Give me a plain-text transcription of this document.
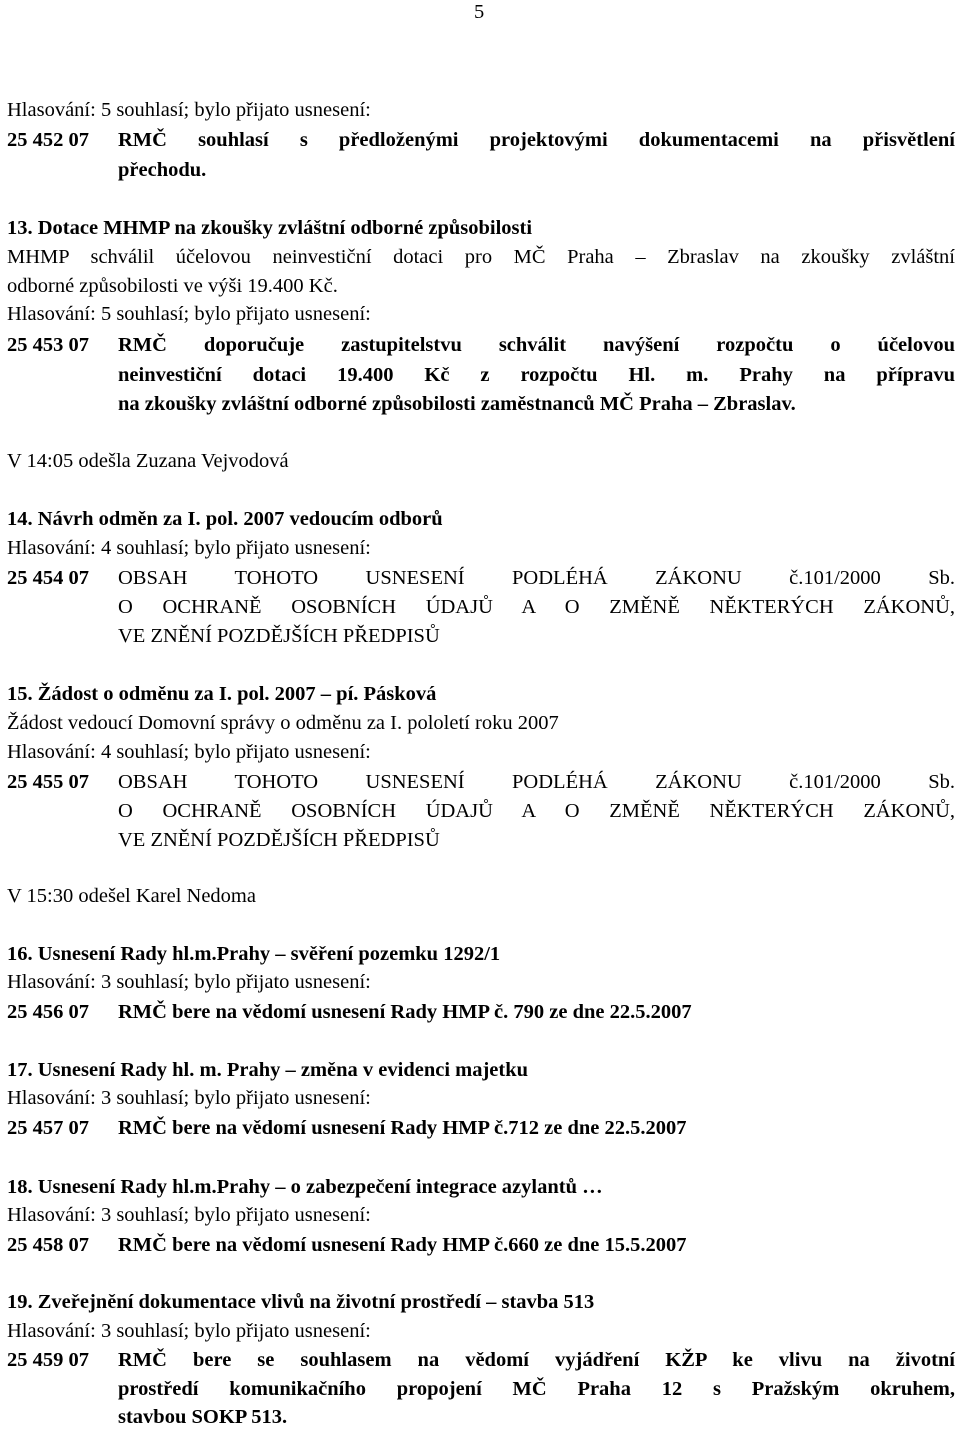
5
Hlasování: 5 souhlasí; bylo přijato usnesení:
25 452 07 RMČ souhlasí s předloženými projektovými dokumentacemi na přisvětlení
přechodu.
13. Dotace MHMP na zkoušky zvláštní odborné způsobilosti
MHMP schválil účelovou neinvestiční dotaci pro MČ Praha – Zbraslav na zkoušky zvláštní
odborné způsobilosti ve výši 19.400 Kč.
Hlasování: 5 souhlasí; bylo přijato usnesení:
25 453 07 RMČ doporučuje zastupitelstvu schválit navýšení rozpočtu o účelovou
neinvestiční dotaci 19.400 Kč z rozpočtu Hl. m. Prahy na přípravu
na zkoušky zvláštní odborné způsobilosti zaměstnanců MČ Praha – Zbraslav.
V 14:05 odešla Zuzana Vejvodová
14. Návrh odměn za I. pol. 2007 vedoucím odborů
Hlasování: 4 souhlasí; bylo přijato usnesení:
25 454 07 OBSAH TOHOTO USNESENÍ PODLÉHÁ ZÁKONU č.101/2000 Sb.
O OCHRANĚ OSOBNÍCH ÚDAJŮ A O ZMĚNĚ NĚKTERÝCH ZÁKONŮ,
VE ZNĚNÍ POZDĚJŠÍCH PŘEDPISŮ
15. Žádost o odměnu za I. pol. 2007 – pí. Pásková
Žádost vedoucí Domovní správy o odměnu za I. pololetí roku 2007
Hlasování: 4 souhlasí; bylo přijato usnesení:
25 455 07 OBSAH TOHOTO USNESENÍ PODLÉHÁ ZÁKONU č.101/2000 Sb.
O OCHRANĚ OSOBNÍCH ÚDAJŮ A O ZMĚNĚ NĚKTERÝCH ZÁKONŮ,
VE ZNĚNÍ POZDĚJŠÍCH PŘEDPISŮ
V 15:30 odešel Karel Nedoma
16. Usnesení Rady hl.m.Prahy – svěření pozemku 1292/1
Hlasování: 3 souhlasí; bylo přijato usnesení:
25 456 07 RMČ bere na vědomí usnesení Rady HMP č. 790 ze dne 22.5.2007
17. Usnesení Rady hl. m. Prahy – změna v evidenci majetku
Hlasování: 3 souhlasí; bylo přijato usnesení:
25 457 07 RMČ bere na vědomí usnesení Rady HMP č.712 ze dne 22.5.2007
18. Usnesení Rady hl.m.Prahy – o zabezpečení integrace azylantů …
Hlasování: 3 souhlasí; bylo přijato usnesení:
25 458 07 RMČ bere na vědomí usnesení Rady HMP č.660 ze dne 15.5.2007
19. Zveřejnění dokumentace vlivů na životní prostředí – stavba 513
Hlasování: 3 souhlasí; bylo přijato usnesení:
25 459 07 RMČ bere se souhlasem na vědomí vyjádření KŽP ke vlivu na životní
prostředí komunikačního propojení MČ Praha 12 s Pražským okruhem,
stavbou SOKP 513.
